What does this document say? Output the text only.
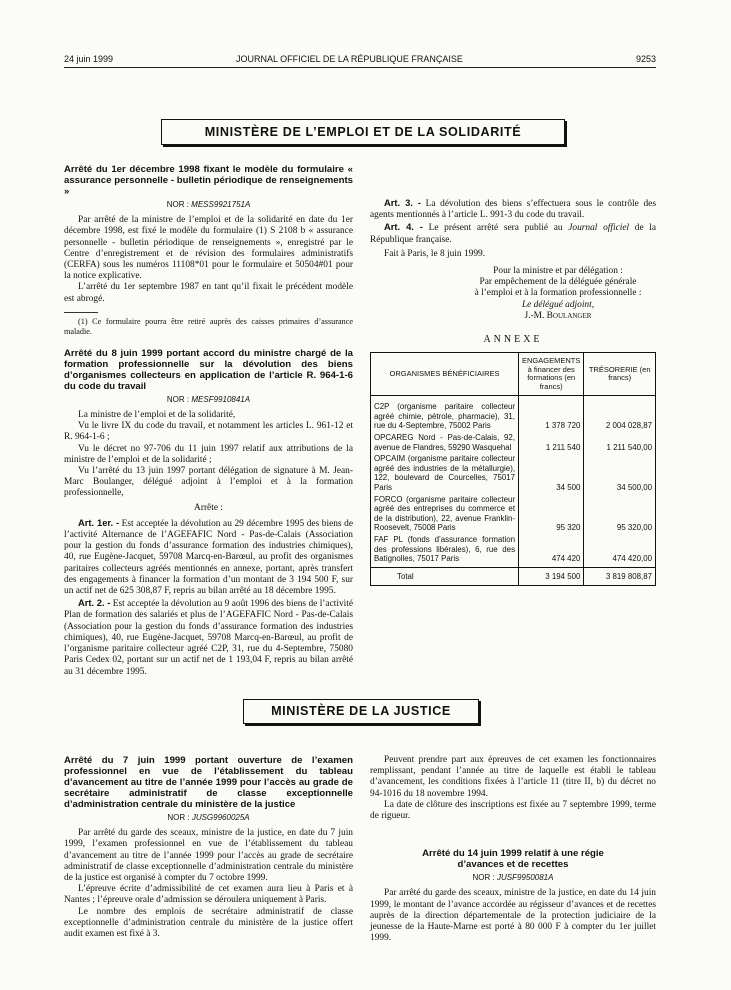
24 juin 1999	JOURNAL OFFICIEL DE LA RÉPUBLIQUE FRANÇAISE	9253
MINISTÈRE DE L’EMPLOI ET DE LA SOLIDARITÉ
Arrêté du 1er décembre 1998 fixant le modèle du formulaire « assurance personnelle - bulletin périodique de renseignements »
NOR : MESS9921751A

Par arrêté de la ministre de l’emploi et de la solidarité en date du 1er décembre 1998, est fixé le modèle du formulaire (1) S 2108 b « assurance personnelle - bulletin périodique de renseignements », enregistré par le Centre d’enregistrement et de révision des formulaires administratifs (CERFA) sous les numéros 11108*01 pour le formulaire et 50504#01 pour la notice explicative.

L’arrêté du 1er septembre 1987 en tant qu’il fixait le précédent modèle est abrogé.

(1) Ce formulaire pourra être retiré auprès des caisses primaires d’assurance maladie.

Arrêté du 8 juin 1999 portant accord du ministre chargé de la formation professionnelle sur la dévolution des biens d’organismes collecteurs en application de l’article R. 964-1-6 du code du travail
NOR : MESF9910841A

La ministre de l’emploi et de la solidarité,

Vu le livre IX du code du travail, et notamment les articles L. 961-12 et R. 964-1-6 ;

Vu le décret no 97-706 du 11 juin 1997 relatif aux attributions de la ministre de l’emploi et de la solidarité ;

Vu l’arrêté du 13 juin 1997 portant délégation de signature à M. Jean-Marc Boulanger, délégué adjoint à l’emploi et à la formation professionnelle,

Arrête :

Art. 1er. - Est acceptée la dévolution au 29 décembre 1995 des biens de l’activité Alternance de l’AGEFAFIC Nord - Pas-de-Calais (Association pour la gestion du fonds d’assurance formation des industries chimiques), 40, rue Eugène-Jacquet, 59708 Marcq-en-Barœul, au profit des organismes paritaires collecteurs agréés mentionnés en annexe, portant, après transfert des engagements à financer la formation d’un montant de 3 194 500 F, sur un actif net de 625 308,87 F, repris au bilan arrêté au 18 décembre 1995.

Art. 2. - Est acceptée la dévolution au 9 août 1996 des biens de l’activité Plan de formation des salariés et plus de l’AGEFAFIC Nord - Pas-de-Calais (Association pour la gestion du fonds d’assurance formation des industries chimiques), 40, rue Eugène-Jacquet, 59708 Marcq-en-Barœul, au profit de l’organisme paritaire collecteur agréé C2P, 31, rue du 4-Septembre, 75080 Paris Cedex 02, portant sur un actif net de 1 193,04 F, repris au bilan arrêté au 31 décembre 1995.

Art. 3. - La dévolution des biens s’effectuera sous le contrôle des agents mentionnés à l’article L. 991-3 du code du travail.

Art. 4. - Le présent arrêté sera publié au Journal officiel de la République française.

Fait à Paris, le 8 juin 1999.

Pour la ministre et par délégation :
Par empêchement de la déléguée générale
à l’emploi et à la formation professionnelle :
Le délégué adjoint,
J.-M. Boulanger
ANNEXE
ORGANISMES BÉNÉFICIAIRES	ENGAGEMENTS à financer des formations (en francs)	TRÉSORERIE (en francs)
C2P (organisme paritaire collecteur agréé chimie, pétrole, pharmacie), 31, rue du 4-Septembre, 75002 Paris	1 378 720	2 004 028,87
OPCAREG Nord - Pas-de-Calais, 92, avenue de Flandres, 59290 Wasquehal	1 211 540	1 211 540,00
OPCAIM (organisme paritaire collecteur agréé des industries de la métallurgie), 122, boulevard de Courcelles, 75017 Paris	34 500	34 500,00
FORCO (organisme paritaire collecteur agréé des entreprises du commerce et de la distribution), 22, avenue Franklin-Roosevelt, 75008 Paris	95 320	95 320,00
FAF PL (fonds d’assurance formation des professions libérales), 6, rue des Batignolles, 75017 Paris	474 420	474 420,00
Total	3 194 500	3 819 808,87
MINISTÈRE DE LA JUSTICE
Arrêté du 7 juin 1999 portant ouverture de l’examen professionnel en vue de l’établissement du tableau d’avancement au titre de l’année 1999 pour l’accès au grade de secrétaire administratif de classe exceptionnelle d’administration centrale du ministère de la justice
NOR : JUSG9960025A

Par arrêté du garde des sceaux, ministre de la justice, en date du 7 juin 1999, l’examen professionnel en vue de l’établissement du tableau d’avancement au titre de l’année 1999 pour l’accès au grade de secrétaire administratif de classe exceptionnelle d’administration centrale du ministère de la justice est organisé à compter du 7 octobre 1999.

L’épreuve écrite d’admissibilité de cet examen aura lieu à Paris et à Nantes ; l’épreuve orale d’admission se déroulera uniquement à Paris.

Le nombre des emplois de secrétaire administratif de classe exceptionnelle d’administration centrale du ministère de la justice offert audit examen est fixé à 3.

Peuvent prendre part aux épreuves de cet examen les fonctionnaires remplissant, pendant l’année au titre de laquelle est établi le tableau d’avancement, les conditions fixées à l’article 11 (titre II, b) du décret no 94-1016 du 18 novembre 1994.

La date de clôture des inscriptions est fixée au 7 septembre 1999, terme de rigueur.

Arrêté du 14 juin 1999 relatif à une régie d’avances et de recettes
NOR : JUSF9950081A

Par arrêté du garde des sceaux, ministre de la justice, en date du 14 juin 1999, le montant de l’avance accordée au régisseur d’avances et de recettes auprès de la direction départementale de la protection judiciaire de la jeunesse de la Haute-Marne est porté à 80 000 F à compter du 1er juillet 1999.
